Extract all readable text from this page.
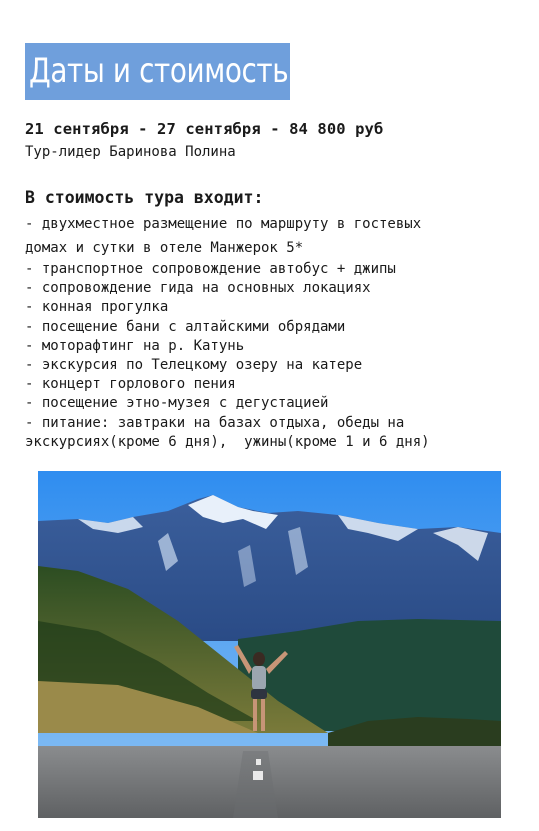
Даты и стоимость:
21 сентября - 27 сентября - 84 800 руб
Тур-лидер Баринова Полина
В стоимость тура входит:
- двухместное размещение по маршруту в гостевых
домах и сутки в отеле Манжерок 5*
- транспортное сопровождение автобус + джипы
- сопровождение гида на основных локациях
- конная прогулка
- посещение бани с алтайскими обрядами
- моторафтинг на р. Катунь
- экскурсия по Телецкому озеру на катере
- концерт горлового пения
- посещение этно-музея с дегустацией
- питание: завтраки на базах отдыха, обеды на
экскурсиях(кроме 6 дня),  ужины(кроме 1 и 6 дня)
